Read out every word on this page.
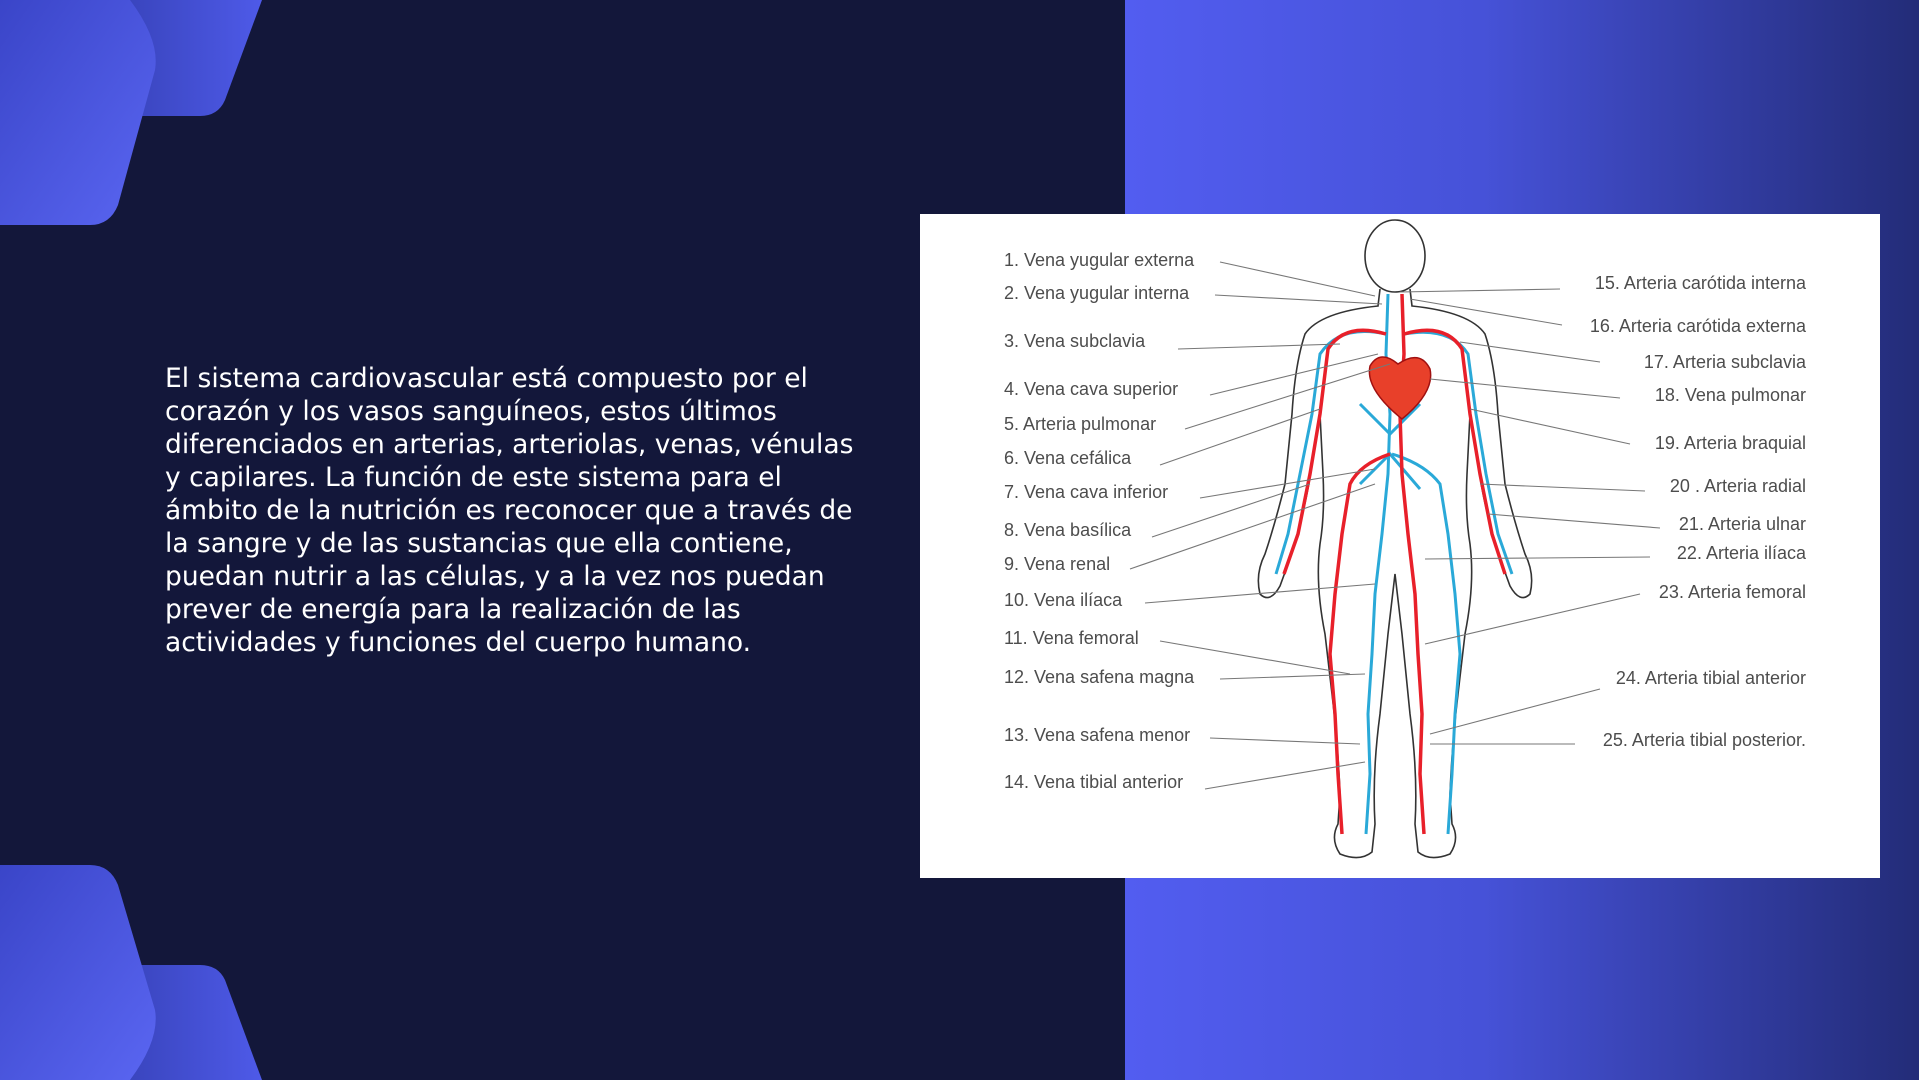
El sistema cardiovascular está compuesto por el corazón y los vasos sanguíneos, estos últimos diferenciados en arterias, arteriolas, venas, vénulas y capilares. La función de este sistema para el ámbito de la nutrición es reconocer que a través de la sangre y de las sustancias que ella contiene, puedan nutrir a las células, y a la vez nos puedan prever de energía para la realización de las actividades y funciones del cuerpo humano.
1. Vena yugular externa
2. Vena yugular interna
3. Vena subclavia
4. Vena cava superior
5. Arteria pulmonar
6. Vena cefálica
7. Vena cava inferior
8. Vena basílica
9. Vena renal
10. Vena ilíaca
11. Vena femoral
12. Vena safena magna
13. Vena safena menor
14. Vena tibial anterior
15. Arteria carótida interna
16. Arteria carótida externa
17. Arteria subclavia
18. Vena pulmonar
19. Arteria braquial
20 . Arteria radial
21. Arteria ulnar
22. Arteria ilíaca
23. Arteria femoral
24. Arteria tibial anterior
25. Arteria tibial posterior.
